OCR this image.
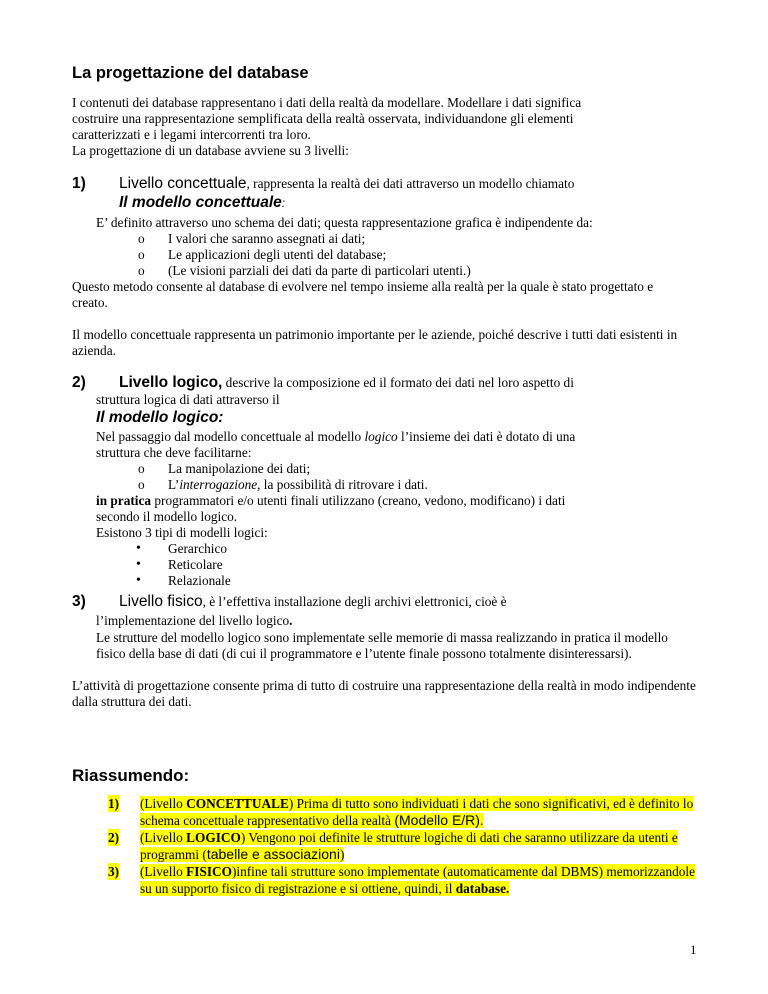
La progettazione del database

I contenuti dei database rappresentano i dati della realtà da modellare. Modellare i dati significa

costruire una rappresentazione semplificata della realtà osservata, individuandone gli elementi

caratterizzati e i legami intercorrenti tra loro.

La progettazione di un database avviene su 3 livelli:

1) Livello concettuale, rappresenta la realtà dei dati attraverso un modello chiamato
Il modello concettuale:

E’ definito attraverso uno schema dei dati; questa rappresentazione grafica è indipendente da:

o I valori che saranno assegnati ai dati;
o Le applicazioni degli utenti del database;
o (Le visioni parziali dei dati da parte di particolari utenti.)
Questo metodo consente al database di evolvere nel tempo insieme alla realtà per la quale è stato progettato e creato.
Il modello concettuale rappresenta un patrimonio importante per le aziende, poiché descrive i tutti dati esistenti in azienda.
2) Livello logico, descrive la composizione ed il formato dei dati nel loro aspetto di
struttura logica di dati attraverso il
Il modello logico:

Nel passaggio dal modello concettuale al modello logico l’insieme dei dati è dotato di una

struttura che deve facilitarne:

o La manipolazione dei dati;
o L’interrogazione, la possibilità di ritrovare i dati.

in pratica programmatori e/o utenti finali utilizzano (creano, vedono, modificano) i dati

secondo il modello logico.

Esistono 3 tipi di modelli logici:

• Gerarchico
• Reticolare
• Relazionale
3) Livello fisico, è l’effettiva installazione degli archivi elettronici, cioè è
l’implementazione del livello logico.
Le strutture del modello logico sono implementate selle memorie di massa realizzando in pratica il modello fisico della base di dati (di cui il programmatore e l’utente finale possono totalmente disinteressarsi).
L’attività di progettazione consente prima di tutto di costruire una rappresentazione della realtà in modo indipendente dalla struttura dei dati.
Riassumendo:
1) (Livello CONCETTUALE) Prima di tutto sono individuati i dati che sono significativi, ed è definito lo schema concettuale rappresentativo della realtà (Modello E/R).
2) (Livello LOGICO) Vengono poi definite le strutture logiche di dati che saranno utilizzare da utenti e programmi (tabelle e associazioni)
3) (Livello FISICO)infine tali strutture sono implementate (automaticamente dal DBMS) memorizzandole su un supporto fisico di registrazione e si ottiene, quindi, il database.
1
